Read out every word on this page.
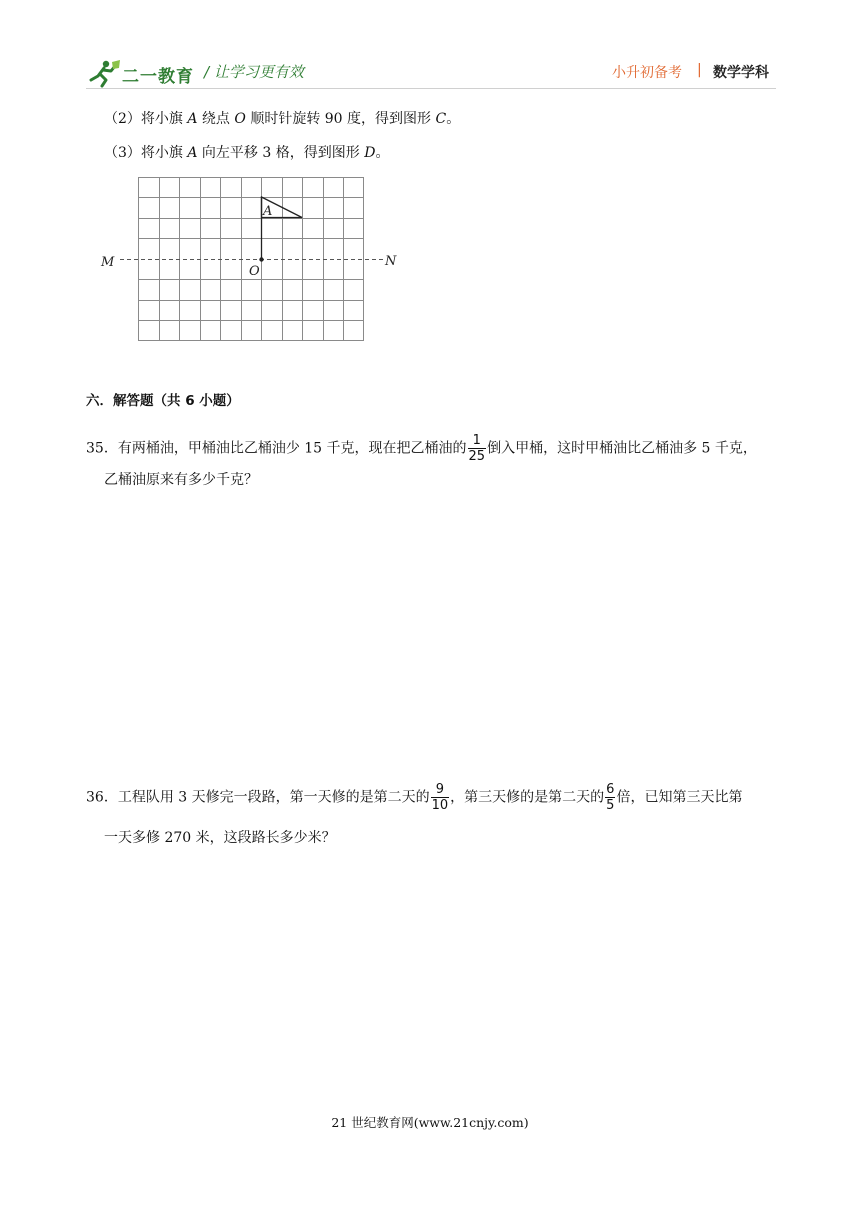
二一教育 / 让学习更有效	小升初备考 | 数学学科
（2）将小旗 A 绕点 O 顺时针旋转 90 度，得到图形 C。
（3）将小旗 A 向左平移 3 格，得到图形 D。
A
O
M	N
六．解答题（共 6 小题）
35．有两桶油，甲桶油比乙桶油少 15 千克，现在把乙桶油的 $\frac{1}{25}$ 倒入甲桶，这时甲桶油比乙桶油多 5 千克，
乙桶油原来有多少千克？
36．工程队用 3 天修完一段路，第一天修的是第二天的 $\frac{9}{10}$ ，第三天修的是第二天的 $\frac{6}{5}$ 倍，已知第三天比第
一天多修 270 米，这段路长多少米？
21 世纪教育网(www.21cnjy.com)
